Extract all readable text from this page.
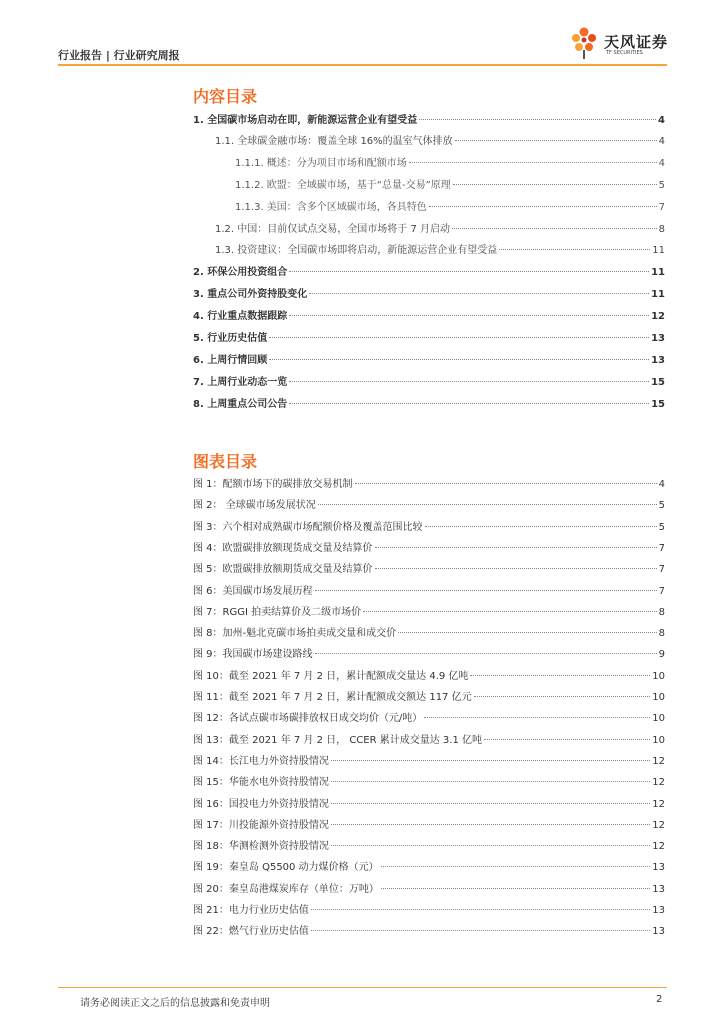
行业报告 | 行业研究周报
天风证券
TF SECURITIES
内容目录
1. 全国碳市场启动在即，新能源运营企业有望受益	4
1.1. 全球碳金融市场：覆盖全球 16%的温室气体排放	4
1.1.1. 概述：分为项目市场和配额市场	4
1.1.2. 欧盟：全域碳市场，基于“总量-交易”原理	5
1.1.3. 美国：含多个区域碳市场，各具特色	7
1.2. 中国：目前仅试点交易，全国市场将于 7 月启动	8
1.3. 投资建议：全国碳市场即将启动，新能源运营企业有望受益	11
2. 环保公用投资组合	11
3. 重点公司外资持股变化	11
4. 行业重点数据跟踪	12
5. 行业历史估值	13
6. 上周行情回顾	13
7. 上周行业动态一览	15
8. 上周重点公司公告	15
图表目录
图 1：配额市场下的碳排放交易机制	4
图 2： 全球碳市场发展状况	5
图 3：六个相对成熟碳市场配额价格及覆盖范围比较	5
图 4：欧盟碳排放额现货成交量及结算价	7
图 5：欧盟碳排放额期货成交量及结算价	7
图 6：美国碳市场发展历程	7
图 7：RGGI 拍卖结算价及二级市场价	8
图 8：加州-魁北克碳市场拍卖成交量和成交价	8
图 9：我国碳市场建设路线	9
图 10：截至 2021 年 7 月 2 日，累计配额成交量达 4.9 亿吨	10
图 11：截至 2021 年 7 月 2 日，累计配额成交额达 117 亿元	10
图 12：各试点碳市场碳排放权日成交均价（元/吨）	10
图 13：截至 2021 年 7 月 2 日， CCER 累计成交量达 3.1 亿吨	10
图 14：长江电力外资持股情况	12
图 15：华能水电外资持股情况	12
图 16：国投电力外资持股情况	12
图 17：川投能源外资持股情况	12
图 18：华测检测外资持股情况	12
图 19：秦皇岛 Q5500 动力煤价格（元）	13
图 20：秦皇岛港煤炭库存（单位：万吨）	13
图 21：电力行业历史估值	13
图 22：燃气行业历史估值	13
请务必阅读正文之后的信息披露和免责申明	2
